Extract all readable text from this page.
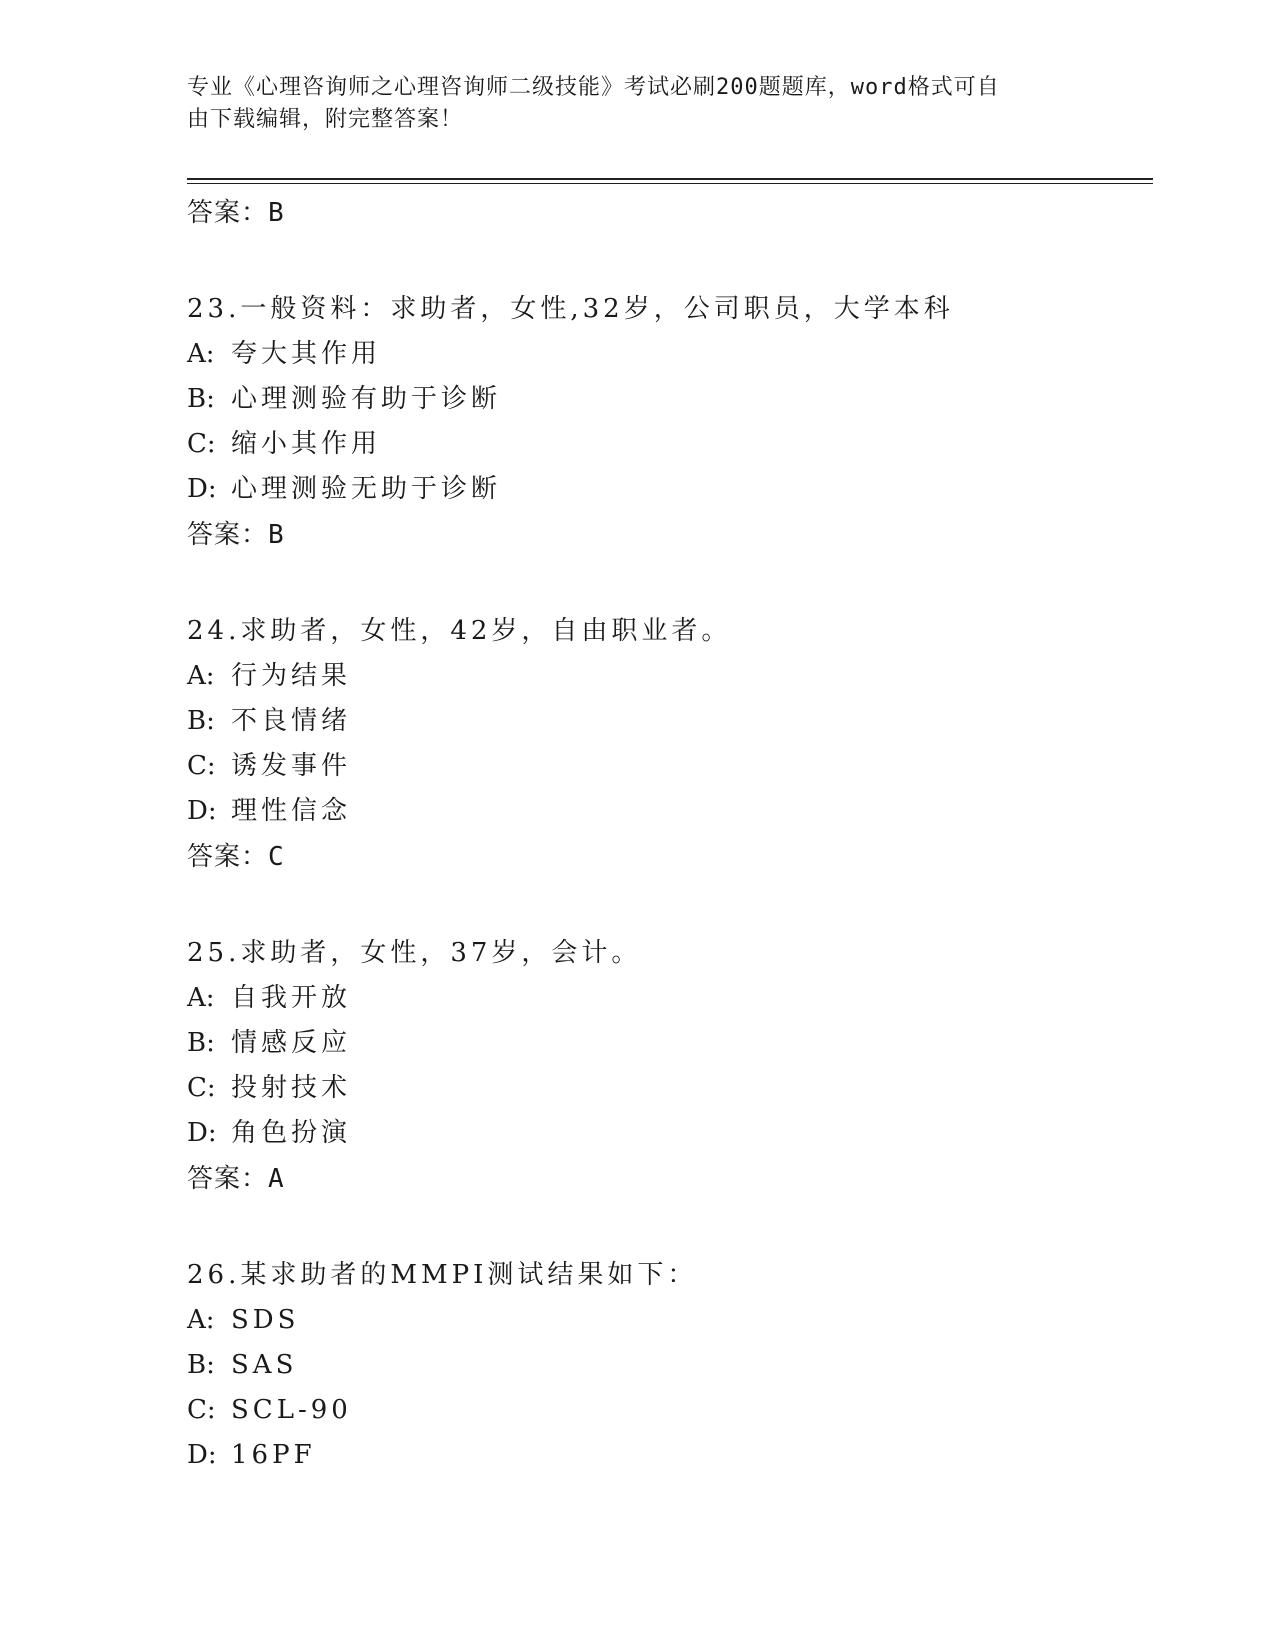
专业《心理咨询师之心理咨询师二级技能》考试必刷200题题库，word格式可自
由下载编辑，附完整答案！
答案：B
23.一般资料：求助者，女性,32岁，公司职员，大学本科
A: 夸大其作用
B: 心理测验有助于诊断
C: 缩小其作用
D: 心理测验无助于诊断
答案：B
24.求助者，女性，42岁，自由职业者。
A: 行为结果
B: 不良情绪
C: 诱发事件
D: 理性信念
答案：C
25.求助者，女性，37岁，会计。
A: 自我开放
B: 情感反应
C: 投射技术
D: 角色扮演
答案：A
26.某求助者的MMPI测试结果如下：
A: SDS
B: SAS
C: SCL-90
D: 16PF
